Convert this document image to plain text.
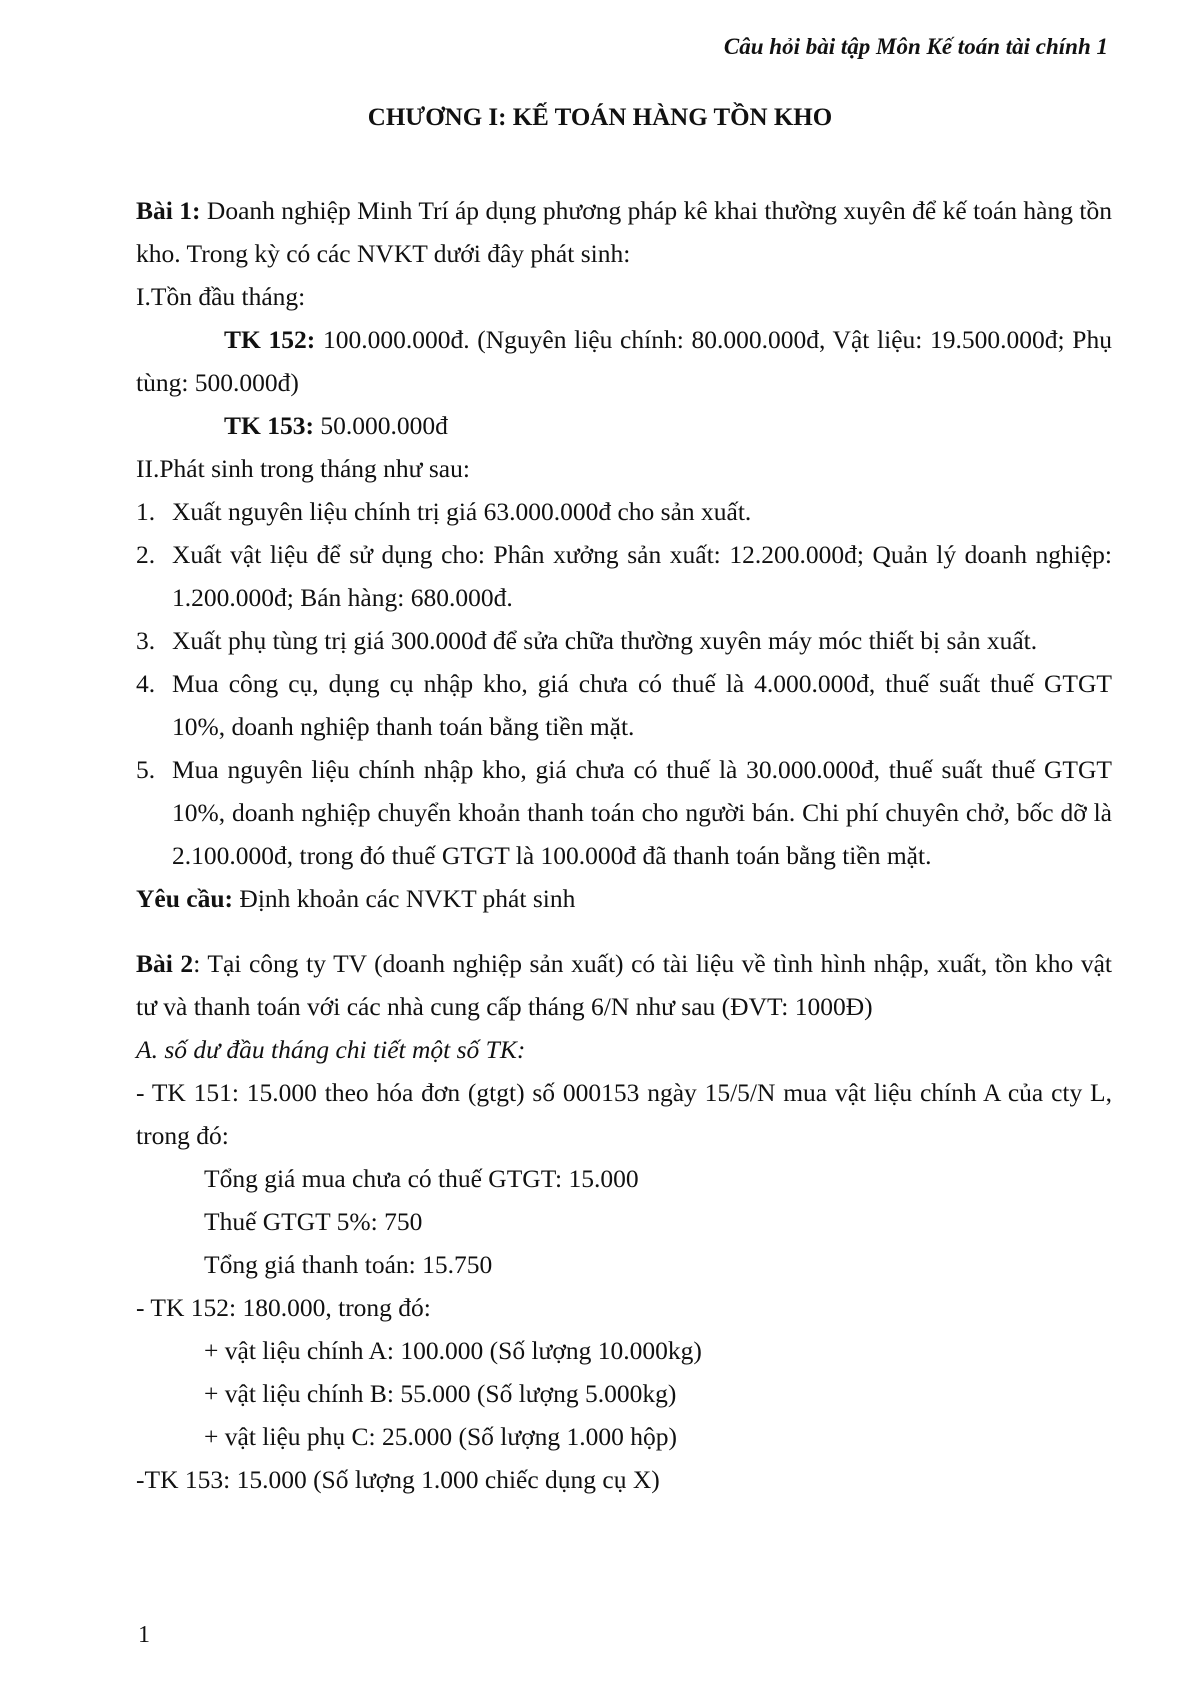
Câu hỏi bài tập Môn Kế toán tài chính 1
CHƯƠNG I: KẾ TOÁN HÀNG TỒN KHO

Bài 1: Doanh nghiệp Minh Trí áp dụng phương pháp kê khai thường xuyên để kế toán hàng tồn kho. Trong kỳ có các NVKT dưới đây phát sinh:

I.Tồn đầu tháng:

TK 152: 100.000.000đ. (Nguyên liệu chính: 80.000.000đ, Vật liệu: 19.500.000đ; Phụ tùng: 500.000đ)

TK 153: 50.000.000đ

II.Phát sinh trong tháng như sau:

1. Xuất nguyên liệu chính trị giá 63.000.000đ cho sản xuất.
2. Xuất vật liệu để sử dụng cho: Phân xưởng sản xuất: 12.200.000đ; Quản lý doanh nghiệp: 1.200.000đ; Bán hàng: 680.000đ.
3. Xuất phụ tùng trị giá 300.000đ để sửa chữa thường xuyên máy móc thiết bị sản xuất.
4. Mua công cụ, dụng cụ nhập kho, giá chưa có thuế là 4.000.000đ, thuế suất thuế GTGT 10%, doanh nghiệp thanh toán bằng tiền mặt.
5. Mua nguyên liệu chính nhập kho, giá chưa có thuế là 30.000.000đ, thuế suất thuế GTGT 10%, doanh nghiệp chuyển khoản thanh toán cho người bán. Chi phí chuyên chở, bốc dỡ là 2.100.000đ, trong đó thuế GTGT là 100.000đ đã thanh toán bằng tiền mặt.

Yêu cầu: Định khoản các NVKT phát sinh

Bài 2: Tại công ty TV (doanh nghiệp sản xuất) có tài liệu về tình hình nhập, xuất, tồn kho vật tư và thanh toán với các nhà cung cấp tháng 6/N như sau (ĐVT: 1000Đ)

A. số dư đầu tháng chi tiết một số TK:

- TK 151: 15.000 theo hóa đơn (gtgt) số 000153 ngày 15/5/N mua vật liệu chính A của cty L, trong đó:

Tổng giá mua chưa có thuế GTGT: 15.000

Thuế GTGT 5%: 750

Tổng giá thanh toán: 15.750

- TK 152: 180.000, trong đó:

+ vật liệu chính A: 100.000 (Số lượng 10.000kg)

+ vật liệu chính B: 55.000 (Số lượng 5.000kg)

+ vật liệu phụ C: 25.000 (Số lượng 1.000 hộp)

-TK 153: 15.000 (Số lượng 1.000 chiếc dụng cụ X)

1
